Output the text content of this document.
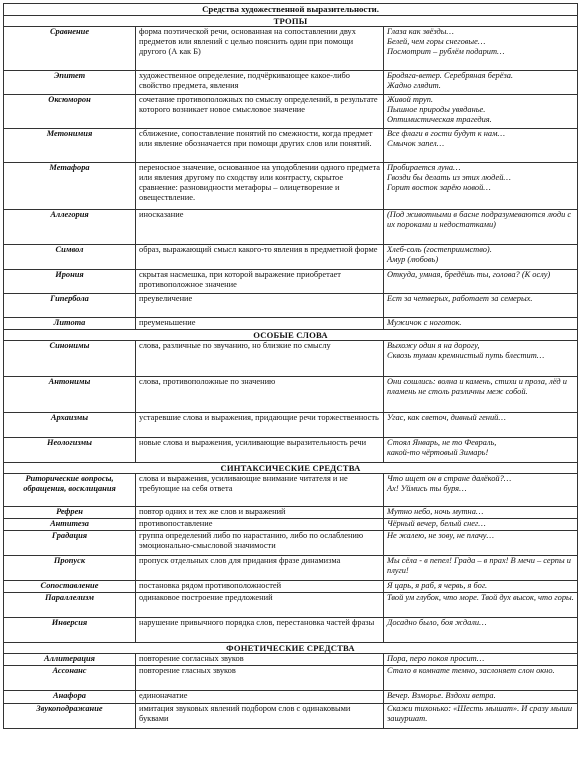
Средства художественной выразительности.		
ТРОПЫ		
Сравнение	форма поэтической речи, основанная на сопоставлении двух предметов или явлений с целью пояснить один при помощи другого (А как Б)	Глаза как звёзды…
Белей, чем горы снеговые…
Посмотрит – рублём подарит…
Эпитет	художественное определение, подчёркивающее какое-либо свойство предмета, явления	Бродяга-ветер. Серебряная берёза.
Жадно глядит.
Оксюморон	сочетание противоположных по смыслу определений, в результате которого возникает новое смысловое значение	Живой труп.
Пышное природы увяданье.
Оптимистическая трагедия.
Метонимия	сближение, сопоставление понятий по смежности, когда предмет или явление обозначается при помощи других слов или понятий.	Все флаги в гости будут к нам…
Смычок запел…
Метафора	переносное значение, основанное на уподоблении одного предмета или явления другому по сходству или контрасту, скрытое сравнение: разновидности метафоры – олицетворение и овеществление.	Пробирается луна…
Гвозди бы делать из этих людей…
Горит восток зарёю новой…
Аллегория	иносказание	(Под животными в басне подразумеваются люди с их пороками и недостатками)
Символ	образ, выражающий смысл какого-то явления в предметной форме	Хлеб-соль (гостеприимство).
Амур (любовь)
Ирония	скрытая насмешка, при которой выражение приобретает противоположное значение	Откуда, умная, бредёшь ты, голова? (К ослу)
Гипербола	преувеличение	Ест за четверых, работает за семерых.
Литота	преуменьшение	Мужичок с ноготок.
ОСОБЫЕ СЛОВА		
Синонимы	слова, различные по звучанию, но близкие по смыслу	Выхожу один я на дорогу,
Сквозь туман кремнистый путь блестит…
Антонимы	слова, противоположные по значению	Они сошлись: волна и камень, стихи и проза, лёд и пламень не столь различны меж собой.
Архаизмы	устаревшие слова и выражения, придающие речи торжественность	Угас, как светоч, дивный гений…
Неологизмы	новые слова и выражения, усиливающие выразительность речи	Стоял Январь, не то Февраль,
какой-то чёртовый Зимарь!
СИНТАКСИЧЕСКИЕ СРЕДСТВА		
Риторические вопросы, обращения, восклицания	слова и выражения, усиливающие внимание читателя и не требующие на себя ответа	Что ищет он в стране далёкой?…
Ах! Уймись ты буря…
Рефрен	повтор одних и тех же слов и выражений	Мутно небо, ночь мутна…
Антитеза	противопоставление	Чёрный вечер, белый снег…
Градация	группа определений либо по нарастанию, либо по ослаблению эмоционально-смысловой значимости	Не жалею, не зову, не плачу…
Пропуск	пропуск отдельных слов для придания фразе динамизма	Мы сёла - в пепел! Града – в прах! В мечи – серпы и плуги!
Сопоставление	постановка рядом противоположностей	Я царь, я раб, я червь, я бог.
Параллелизм	одинаковое построение предложений	Твой ум глубок, что море. Твой дух высок, что горы.
Инверсия	нарушение привычного порядка слов, перестановка частей фразы	Досадно было, боя ждали…
ФОНЕТИЧЕСКИЕ СРЕДСТВА		
Аллитерация	повторение согласных звуков	Пора, перо покоя просит…
Ассонанс	повторение гласных звуков	Стало в комнате темно, заслоняет слон окно.
Анафора	единоначатие	Вечер. Взморье. Вздохи ветра.
Звукоподражание	имитация звуковых явлений подбором слов с одинаковыми буквами	Скажи тихонько: «Шесть мышат». И сразу мыши зашуршат.
